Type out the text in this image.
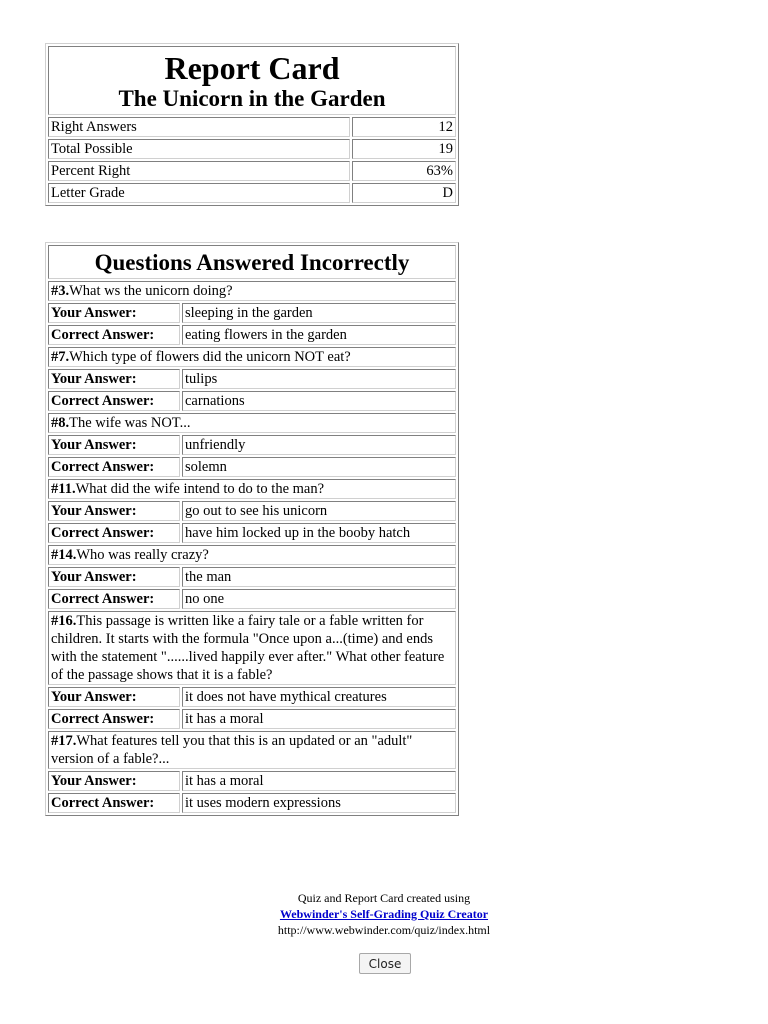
Report Card
The Unicorn in the Garden	

Right Answers	12
Total Possible	19
Percent Right	63%
Letter Grade	D
Questions Answered Incorrectly	
#3.What ws the unicorn doing?	
Your Answer:	sleeping in the garden
Correct Answer:	eating flowers in the garden
#7.Which type of flowers did the unicorn NOT eat?	
Your Answer:	tulips
Correct Answer:	carnations
#8.The wife was NOT...	
Your Answer:	unfriendly
Correct Answer:	solemn
#11.What did the wife intend to do to the man?	
Your Answer:	go out to see his unicorn
Correct Answer:	have him locked up in the booby hatch
#14.Who was really crazy?	
Your Answer:	the man
Correct Answer:	no one
#16.This passage is written like a fairy tale or a fable written for children. It starts with the formula "Once upon a...(time) and ends with the statement "......lived happily ever after." What other feature of the passage shows that it is a fable?	
Your Answer:	it does not have mythical creatures
Correct Answer:	it has a moral
#17.What features tell you that this is an updated or an "adult" version of a fable?...	
Your Answer:	it has a moral
Correct Answer:	it uses modern expressions
Quiz and Report Card created using
Webwinder's Self-Grading Quiz Creator
http://www.webwinder.com/quiz/index.html
Close
